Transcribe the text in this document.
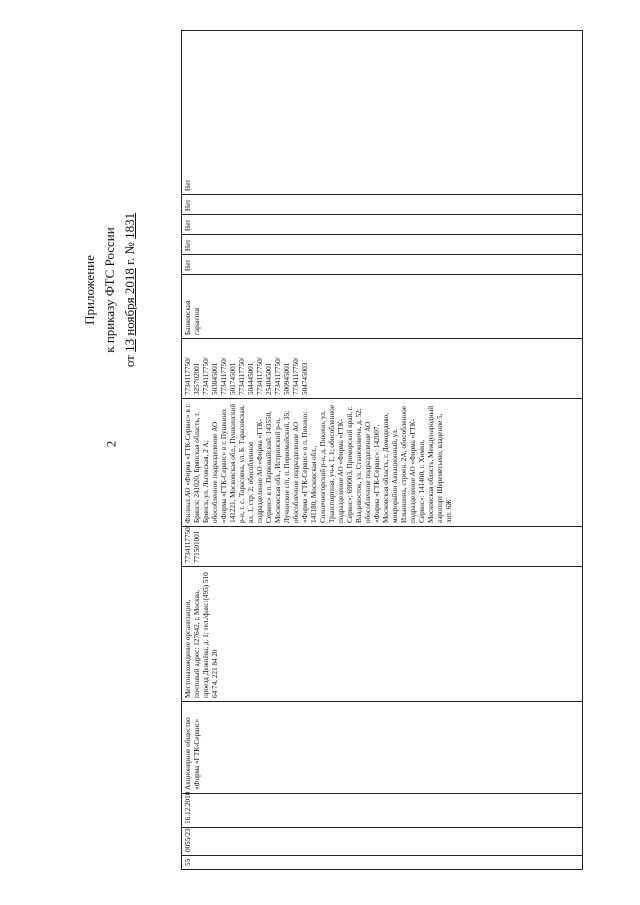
2
Приложение к приказу ФТС России
от 13 ноября 2018 г. № 1831
55	0055/23	16.12.2010	Акционерное общество «Фирма «ГТК-Сервис»	Местонахождение организации, почтовый адрес: 127642, г. Москва, проезд Дежнёва, д. 1; тел./факс:(495) 510 64 74, 221 84 20	7734117750/ 771501001	Филиал АО «Фирма «ГТК-Сервис» в г. Брянск: 241020, Брянская область, г. Брянск, ул. Льговская, 2 А; обособленное подразделение АО «Фирма «ГТК-Сервис» в г. Пушкино: 141221, Московская обл., Пушкинский р-н, г. с. Тарасовка, ул. Б. Тарасовская, вл. 1, стр. 2; обособленное подразделение АО «Фирма «ГТК-Сервис» в п. Первомайский: 143550, Московская обл., Истринский р-н, Лучинское с/п, п. Первомайский, 35; обособленное подразделение АО «Фирма «ГТК-Сервис» в п. Пикино: 141180, Московская обл., Солнечногорский р-н, д. Пикино, ул. Транспортная, уч-к 1, 1; обособленное подразделение АО «Фирма «ГТК-Сервис»; 690003, Приморский край, г. Владивосток, ул. Станюковича, д. 52; обособленное подразделение АО «Фирма «ГТК-Сервис»: 142007, Московская область, г. Домодедово, микрорайон Авиационный, ул. Ильюшина, строен. 2А; обособленное подразделение АО «Фирма «ГТК-Сервис»: 141400, г. Химки, Московская область, Международный аэропорт Шереметьево, владение 5, лит. 6Ж	7734117750/ 325702001 7734117750/ 503845001 7734117750/ 501745001 7734117750/ 504445001 7734117750/ 254045001 7734117750/ 500945001 7734117750/ 504745003	Банковская гарантия	Нет	Нет	Нет	Нет	Нет
